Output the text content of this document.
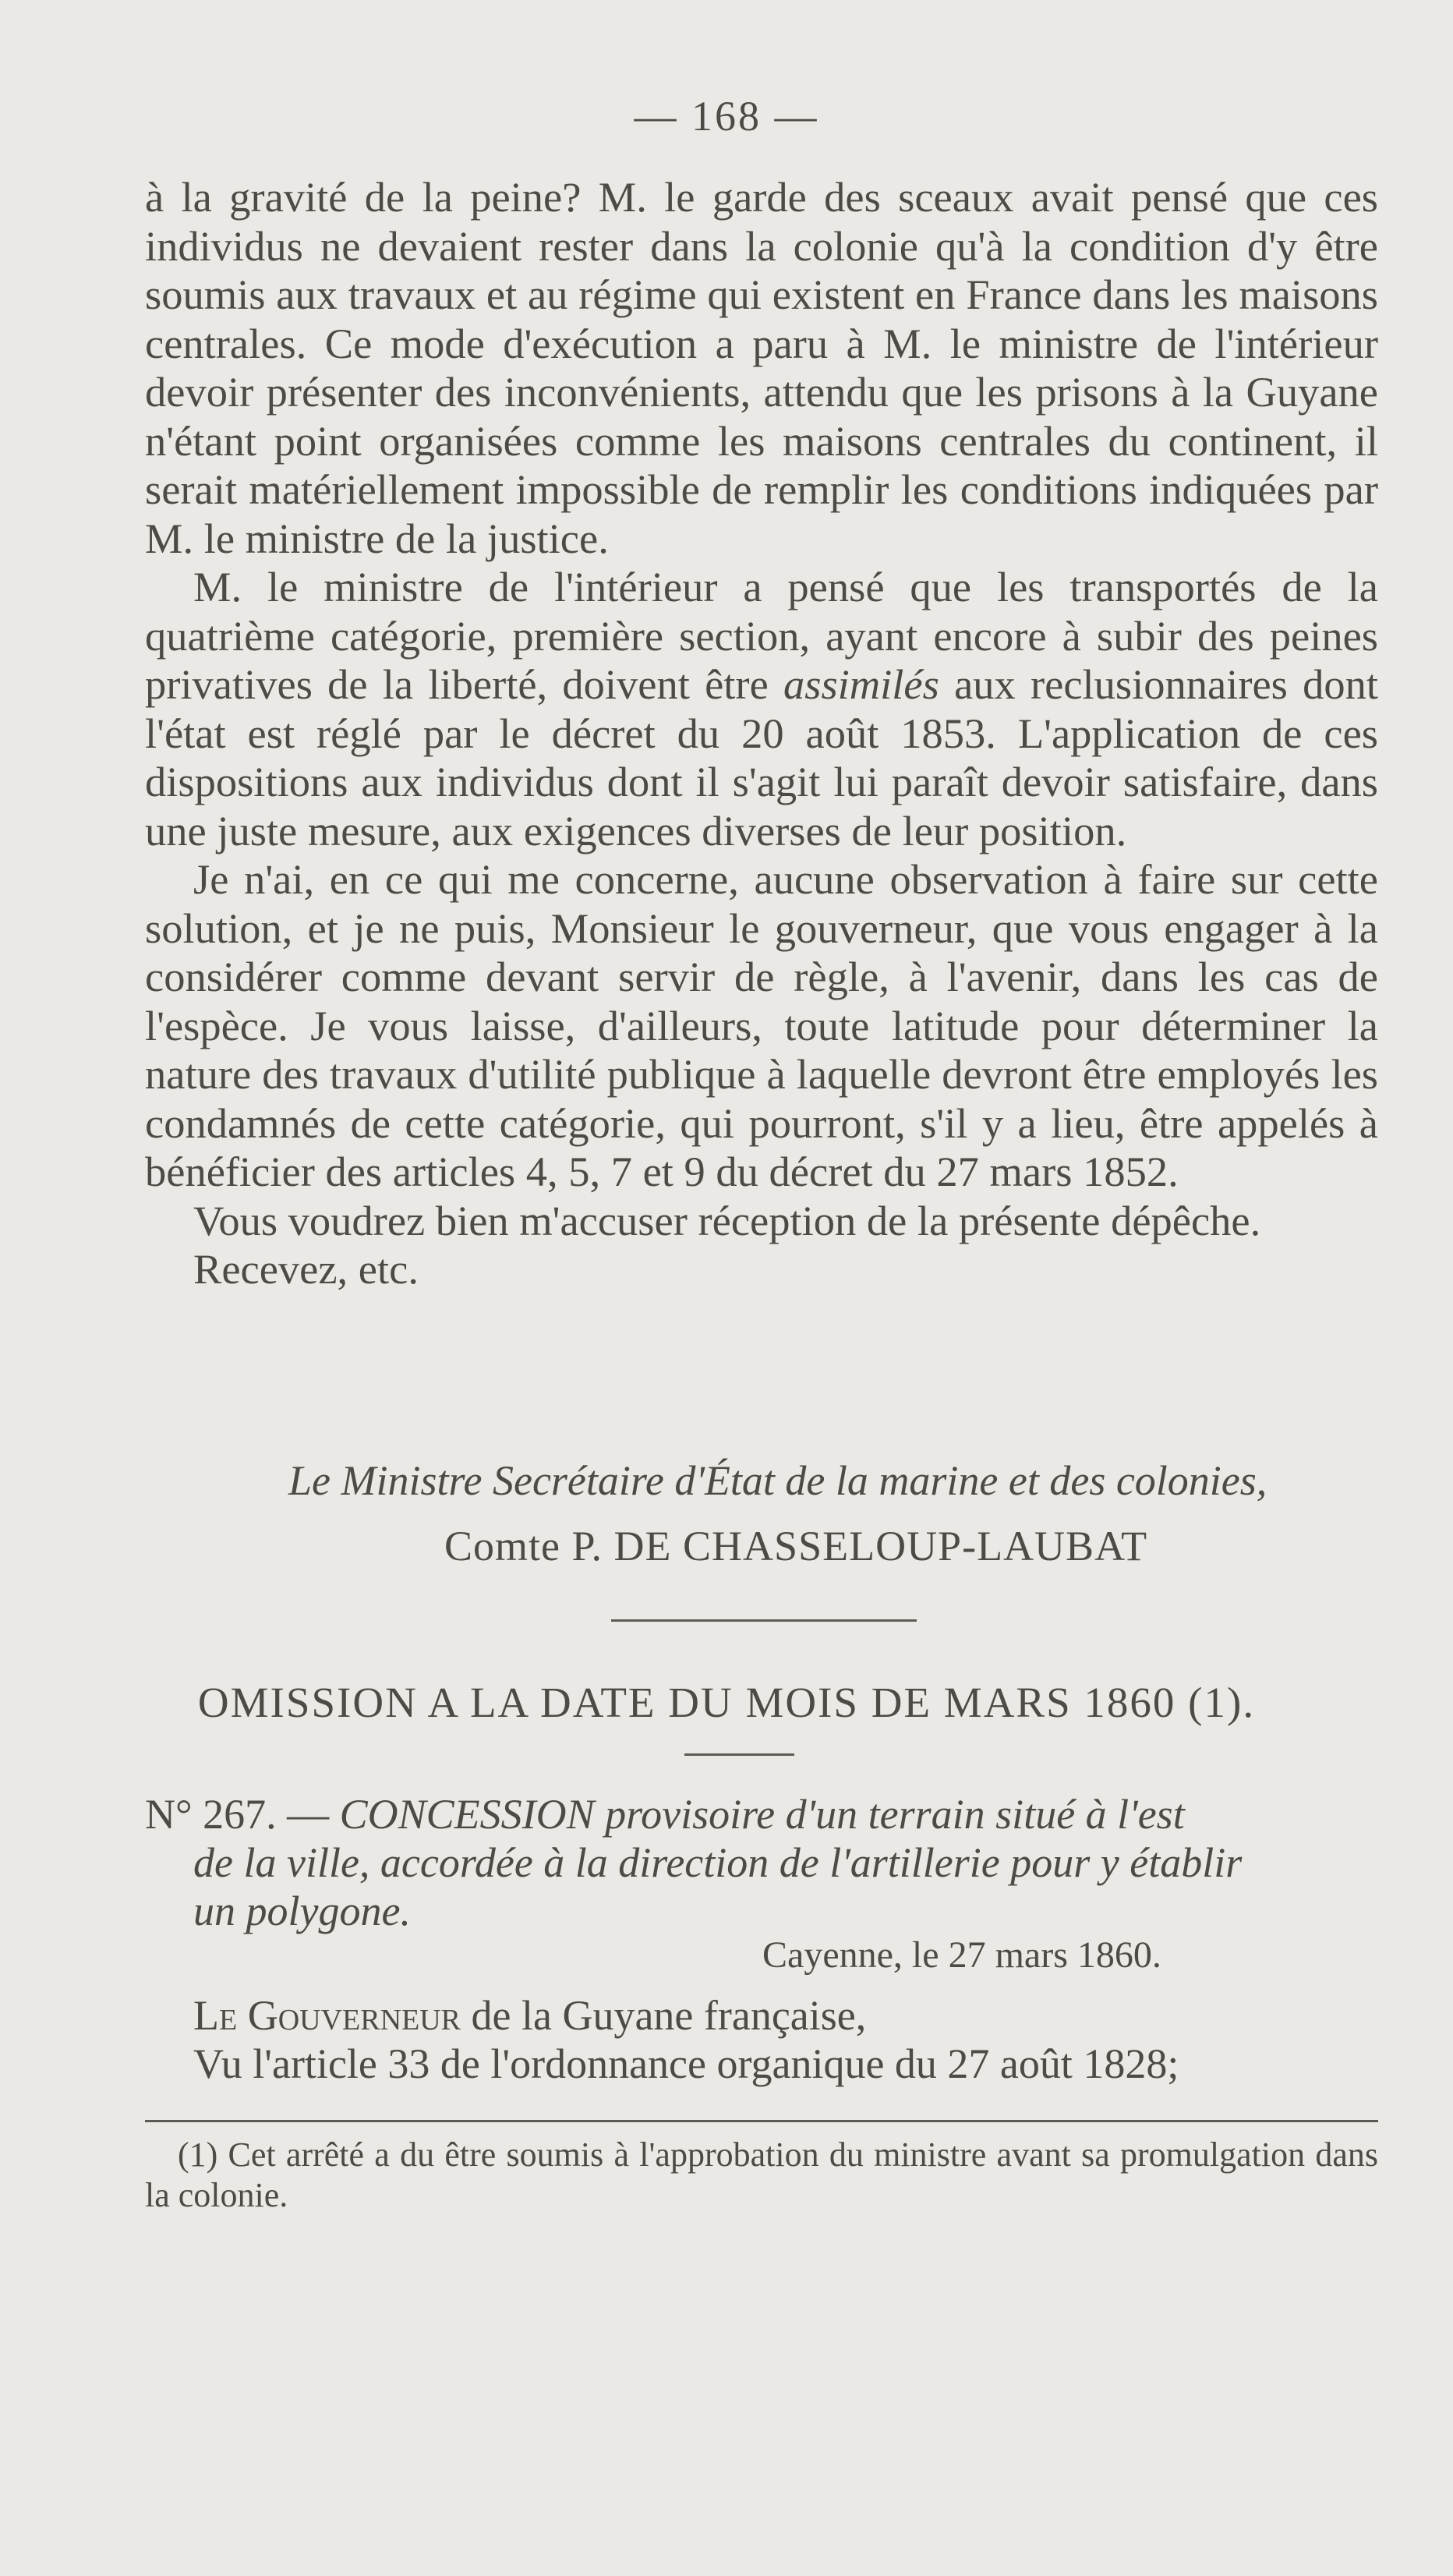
— 168 —

à la gravité de la peine? M. le garde des sceaux avait pensé que ces individus ne devaient rester dans la colonie qu'à la condition d'y être soumis aux travaux et au régime qui existent en France dans les maisons centrales. Ce mode d'exécution a paru à M. le ministre de l'intérieur devoir présenter des inconvénients, attendu que les prisons à la Guyane n'étant point organisées comme les maisons centrales du continent, il serait matériellement impossible de remplir les conditions indiquées par M. le ministre de la justice.

M. le ministre de l'intérieur a pensé que les transportés de la quatrième catégorie, première section, ayant encore à subir des peines privatives de la liberté, doivent être assimilés aux reclusionnaires dont l'état est réglé par le décret du 20 août 1853. L'application de ces dispositions aux individus dont il s'agit lui paraît devoir satisfaire, dans une juste mesure, aux exigences diverses de leur position.

Je n'ai, en ce qui me concerne, aucune observation à faire sur cette solution, et je ne puis, Monsieur le gouverneur, que vous engager à la considérer comme devant servir de règle, à l'avenir, dans les cas de l'espèce. Je vous laisse, d'ailleurs, toute latitude pour déterminer la nature des travaux d'utilité publique à laquelle devront être employés les condamnés de cette catégorie, qui pourront, s'il y a lieu, être appelés à bénéficier des articles 4, 5, 7 et 9 du décret du 27 mars 1852.

Vous voudrez bien m'accuser réception de la présente dépêche.

Recevez, etc.

Le Ministre Secrétaire d'État de la marine et des colonies,
Comte P. DE CHASSELOUP-LAUBAT
OMISSION A LA DATE DU MOIS DE MARS 1860 (1).
N° 267. — CONCESSION provisoire d'un terrain situé à l'est
de la ville, accordée à la direction de l'artillerie pour y établir
un polygone.
Cayenne, le 27 mars 1860.

Le Gouverneur de la Guyane française,

Vu l'article 33 de l'ordonnance organique du 27 août 1828;

(1) Cet arrêté a du être soumis à l'approbation du ministre avant sa promulgation dans la colonie.
